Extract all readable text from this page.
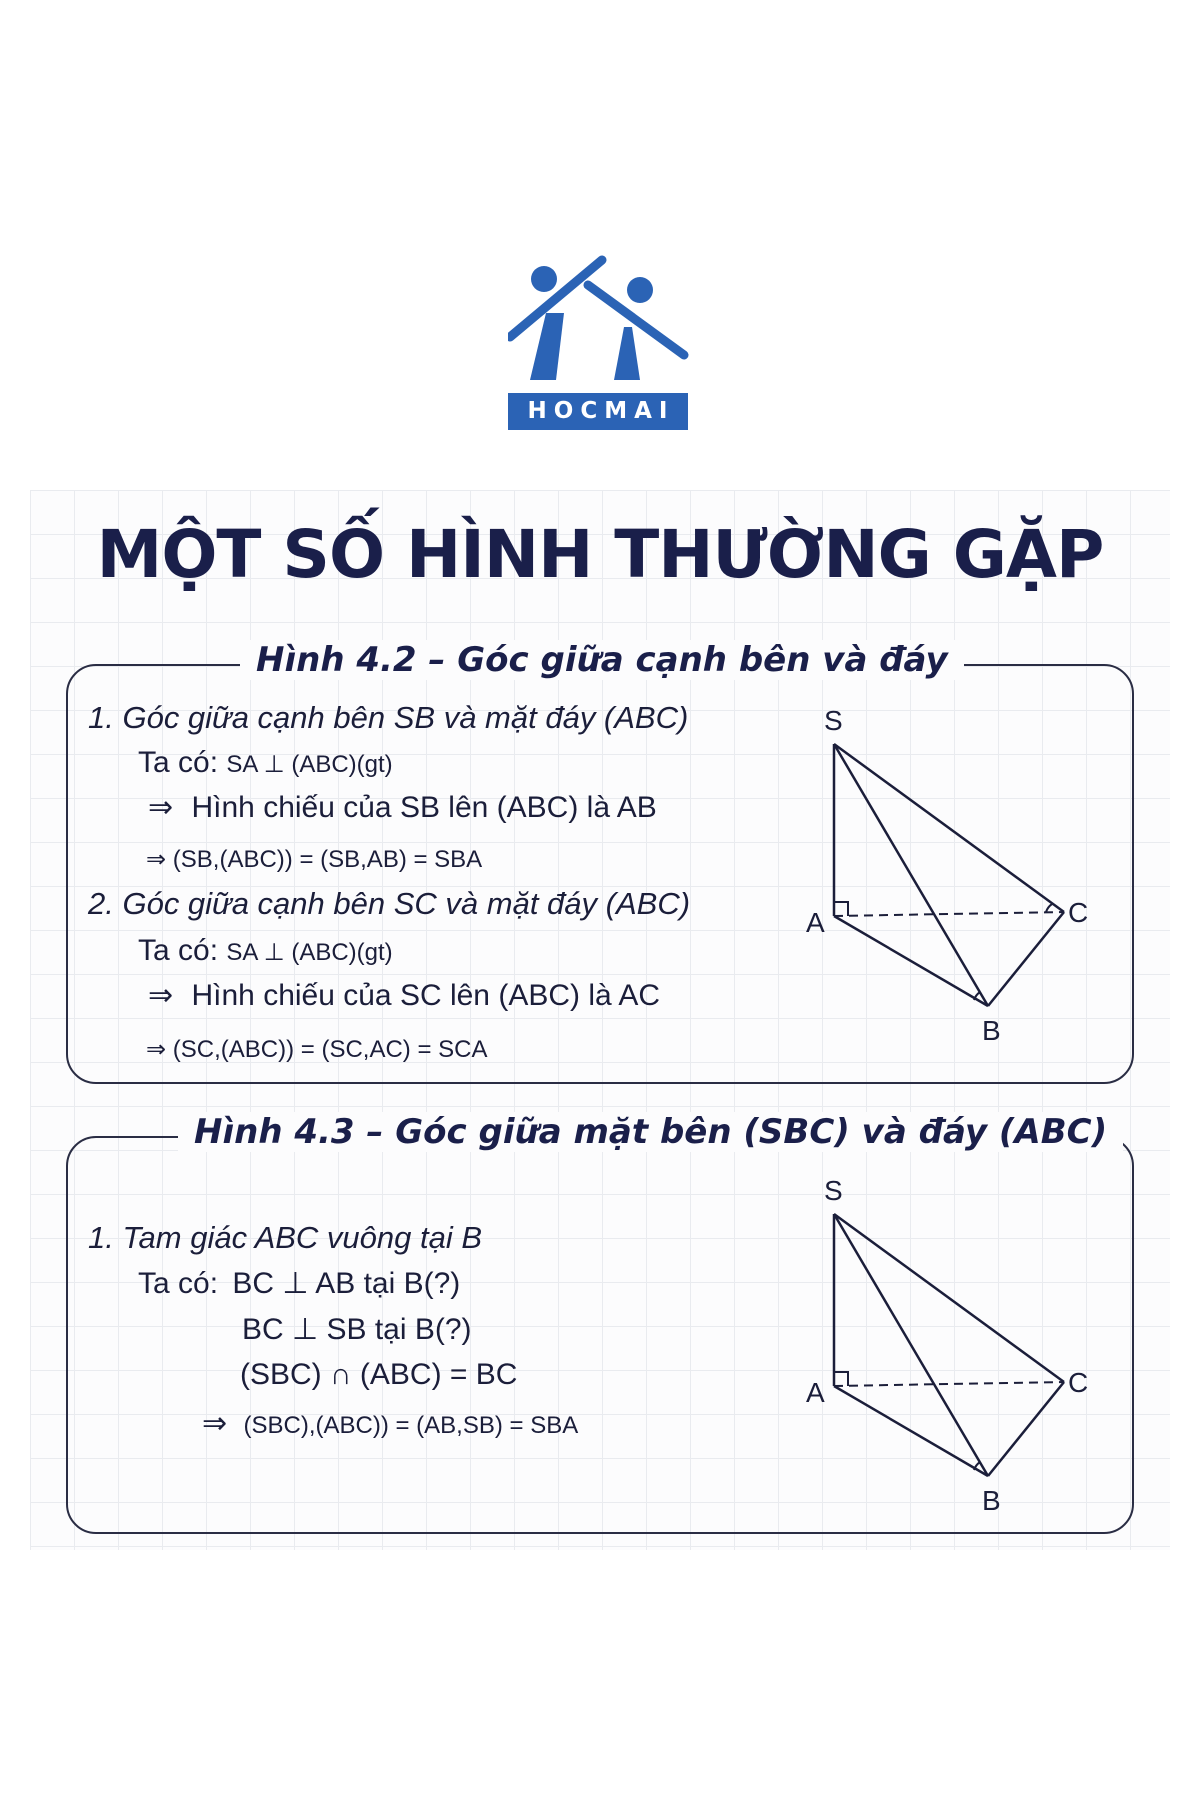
HOCMAI
MỘT SỐ HÌNH THƯỜNG GẶP
Hình 4.2 – Góc giữa cạnh bên và đáy
1. Góc giữa cạnh bên SB và mặt đáy (ABC)
Ta có: SA ⊥ (ABC)(gt)
⇒ Hình chiếu của SB lên (ABC) là AB
⇒ (SB,(ABC)) = (SB,AB) = SBA
2. Góc giữa cạnh bên SC và mặt đáy (ABC)
Ta có: SA ⊥ (ABC)(gt)
⇒ Hình chiếu của SC lên (ABC) là AC
⇒ (SC,(ABC)) = (SC,AC) = SCA
S
A	C
B
Hình 4.3 – Góc giữa mặt bên (SBC) và đáy (ABC)
1. Tam giác ABC vuông tại B
Ta có: BC ⊥ AB tại B(?)
BC ⊥ SB tại B(?)
(SBC) ∩ (ABC) = BC
⇒ (SBC),(ABC)) = (AB,SB) = SBA
S
A	C
B
